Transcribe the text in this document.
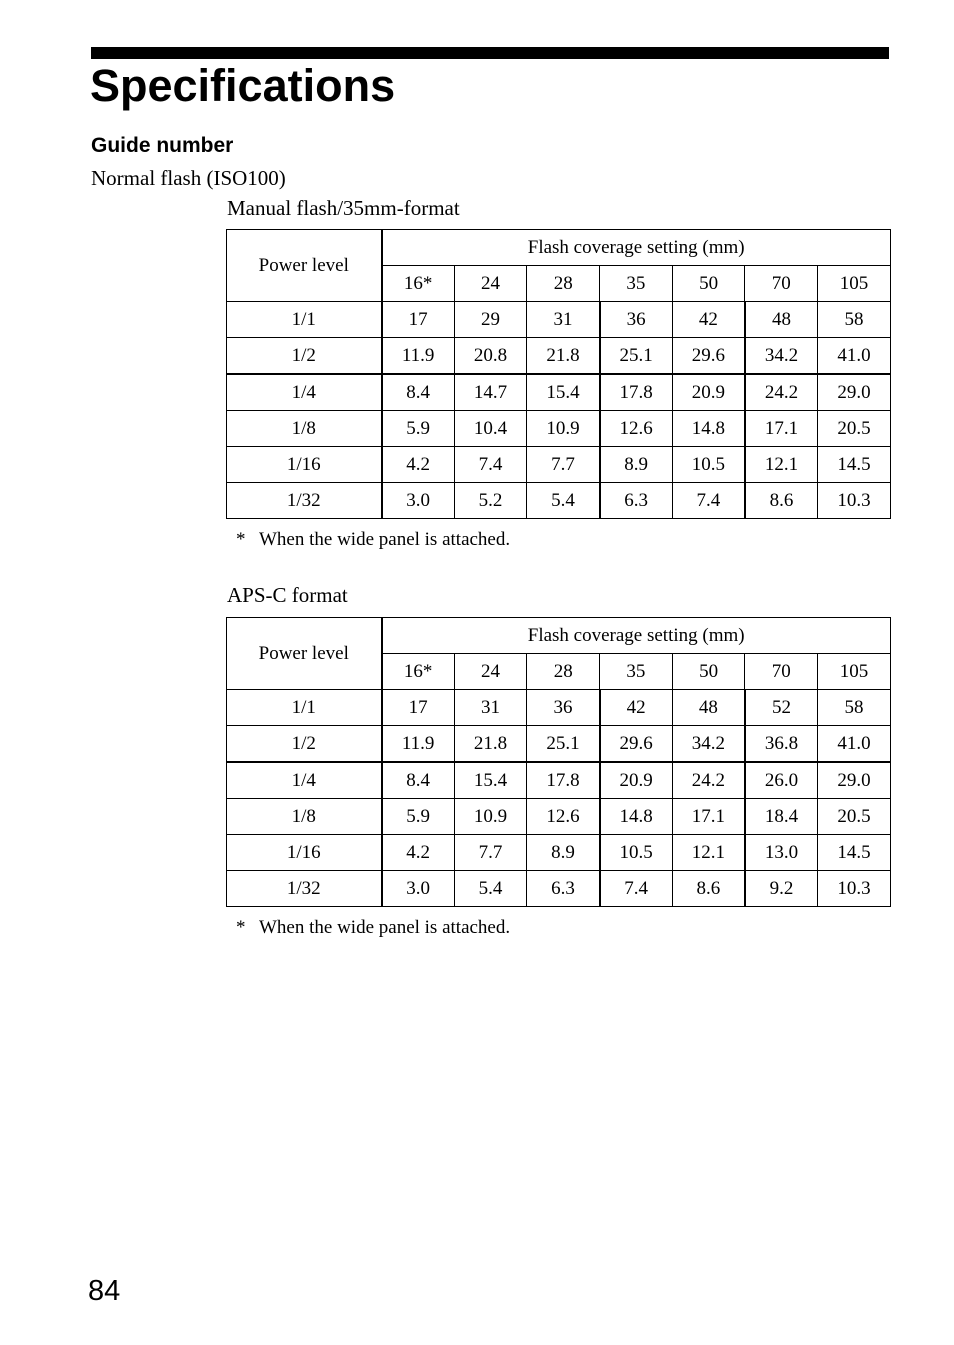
Specifications
Guide number
Normal flash (ISO100)
Manual flash/35mm-format
Power level	Flash coverage setting (mm)						
	16*	24	28	35	50	70	105
1/1	17	29	31	36	42	48	58
1/2	11.9	20.8	21.8	25.1	29.6	34.2	41.0
1/4	8.4	14.7	15.4	17.8	20.9	24.2	29.0
1/8	5.9	10.4	10.9	12.6	14.8	17.1	20.5
1/16	4.2	7.4	7.7	8.9	10.5	12.1	14.5
1/32	3.0	5.2	5.4	6.3	7.4	8.6	10.3
* When the wide panel is attached.
APS-C format
Power level	Flash coverage setting (mm)						
	16*	24	28	35	50	70	105
1/1	17	31	36	42	48	52	58
1/2	11.9	21.8	25.1	29.6	34.2	36.8	41.0
1/4	8.4	15.4	17.8	20.9	24.2	26.0	29.0
1/8	5.9	10.9	12.6	14.8	17.1	18.4	20.5
1/16	4.2	7.7	8.9	10.5	12.1	13.0	14.5
1/32	3.0	5.4	6.3	7.4	8.6	9.2	10.3
* When the wide panel is attached.
84
